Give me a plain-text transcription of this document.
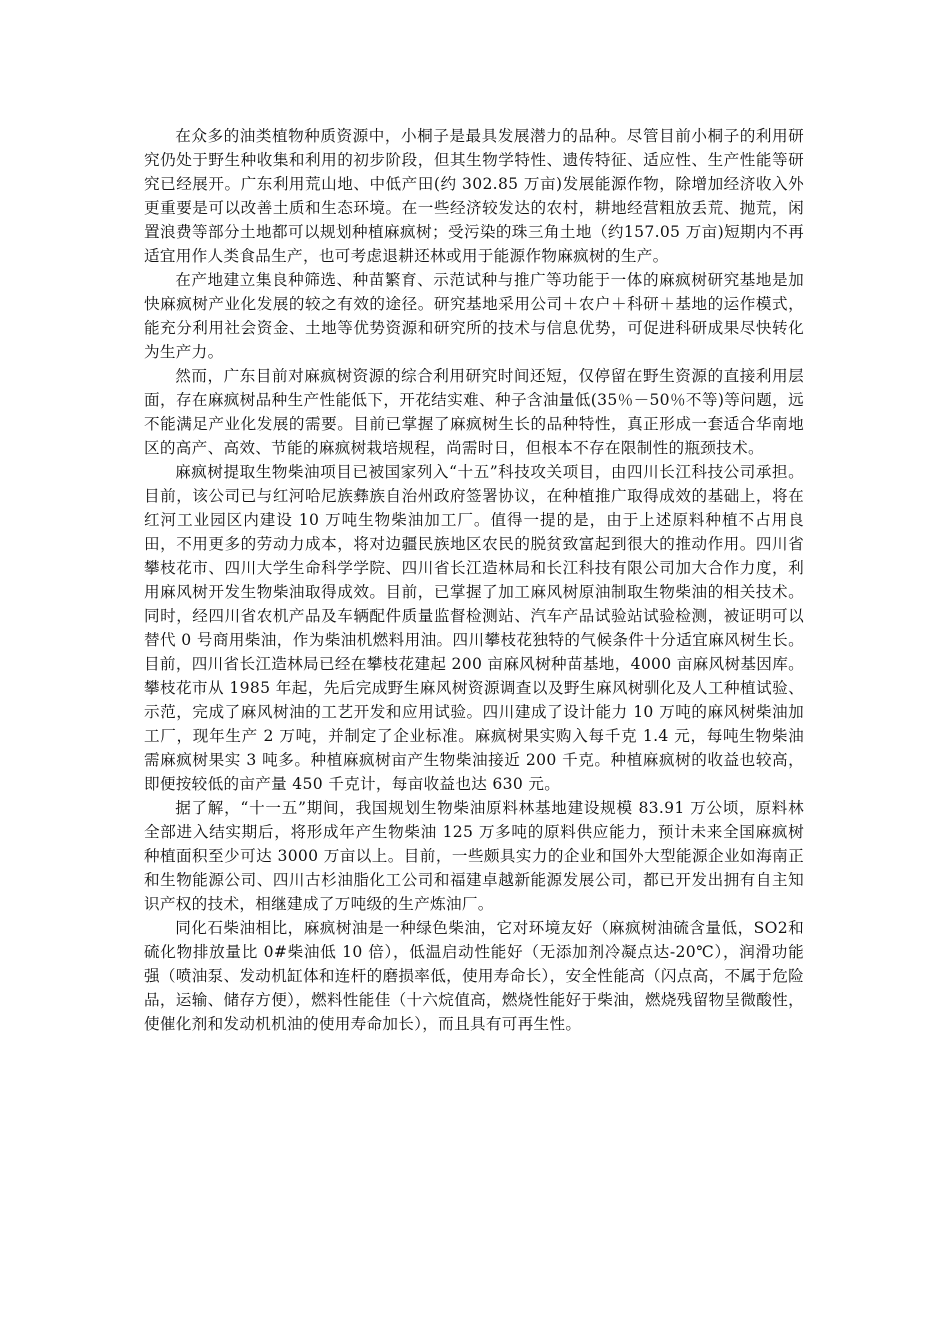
在众多的油类植物种质资源中，小桐子是最具发展潜力的品种。尽管目前小桐子的利用研究仍处于野生种收集和利用的初步阶段，但其生物学特性、遗传特征、适应性、生产性能等研究已经展开。广东利用荒山地、中低产田(约 302.85 万亩)发展能源作物，除增加经济收入外更重要是可以改善土质和生态环境。在一些经济较发达的农村，耕地经营粗放丢荒、抛荒，闲置浪费等部分土地都可以规划种植麻疯树；受污染的珠三角土地（约157.05 万亩)短期内不再适宜用作人类食品生产，也可考虑退耕还林或用于能源作物麻疯树的生产。

在产地建立集良种筛选、种苗繁育、示范试种与推广等功能于一体的麻疯树研究基地是加快麻疯树产业化发展的较之有效的途径。研究基地采用公司＋农户＋科研＋基地的运作模式，能充分利用社会资金、土地等优势资源和研究所的技术与信息优势，可促进科研成果尽快转化为生产力。

然而，广东目前对麻疯树资源的综合利用研究时间还短，仅停留在野生资源的直接利用层面，存在麻疯树品种生产性能低下，开花结实难、种子含油量低(35％－50％不等)等问题，远不能满足产业化发展的需要。目前已掌握了麻疯树生长的品种特性，真正形成一套适合华南地区的高产、高效、节能的麻疯树栽培规程，尚需时日，但根本不存在限制性的瓶颈技术。

麻疯树提取生物柴油项目已被国家列入“十五”科技攻关项目，由四川长江科技公司承担。目前，该公司已与红河哈尼族彝族自治州政府签署协议，在种植推广取得成效的基础上，将在红河工业园区内建设 10 万吨生物柴油加工厂。值得一提的是，由于上述原料种植不占用良田，不用更多的劳动力成本，将对边疆民族地区农民的脱贫致富起到很大的推动作用。四川省攀枝花市、四川大学生命科学学院、四川省长江造林局和长江科技有限公司加大合作力度，利用麻风树开发生物柴油取得成效。目前，已掌握了加工麻风树原油制取生物柴油的相关技术。同时，经四川省农机产品及车辆配件质量监督检测站、汽车产品试验站试验检测，被证明可以替代 0 号商用柴油，作为柴油机燃料用油。四川攀枝花独特的气候条件十分适宜麻风树生长。目前，四川省长江造林局已经在攀枝花建起 200 亩麻风树种苗基地，4000 亩麻风树基因库。攀枝花市从 1985 年起，先后完成野生麻风树资源调查以及野生麻风树驯化及人工种植试验、示范，完成了麻风树油的工艺开发和应用试验。四川建成了设计能力 10 万吨的麻风树柴油加工厂，现年生产 2 万吨，并制定了企业标准。麻疯树果实购入每千克 1.4 元，每吨生物柴油需麻疯树果实 3 吨多。种植麻疯树亩产生物柴油接近 200 千克。种植麻疯树的收益也较高，即便按较低的亩产量 450 千克计，每亩收益也达 630 元。

据了解，“十一五”期间，我国规划生物柴油原料林基地建设规模 83.91 万公顷，原料林全部进入结实期后，将形成年产生物柴油 125 万多吨的原料供应能力，预计未来全国麻疯树种植面积至少可达 3000 万亩以上。目前，一些颇具实力的企业和国外大型能源企业如海南正和生物能源公司、四川古杉油脂化工公司和福建卓越新能源发展公司，都已开发出拥有自主知识产权的技术，相继建成了万吨级的生产炼油厂。

同化石柴油相比，麻疯树油是一种绿色柴油，它对环境友好（麻疯树油硫含量低，SO2和硫化物排放量比 0#柴油低 10 倍），低温启动性能好（无添加剂冷凝点达-20℃），润滑功能强（喷油泵、发动机缸体和连杆的磨损率低，使用寿命长），安全性能高（闪点高，不属于危险品，运输、储存方便），燃料性能佳（十六烷值高，燃烧性能好于柴油，燃烧残留物呈微酸性，使催化剂和发动机机油的使用寿命加长），而且具有可再生性。
